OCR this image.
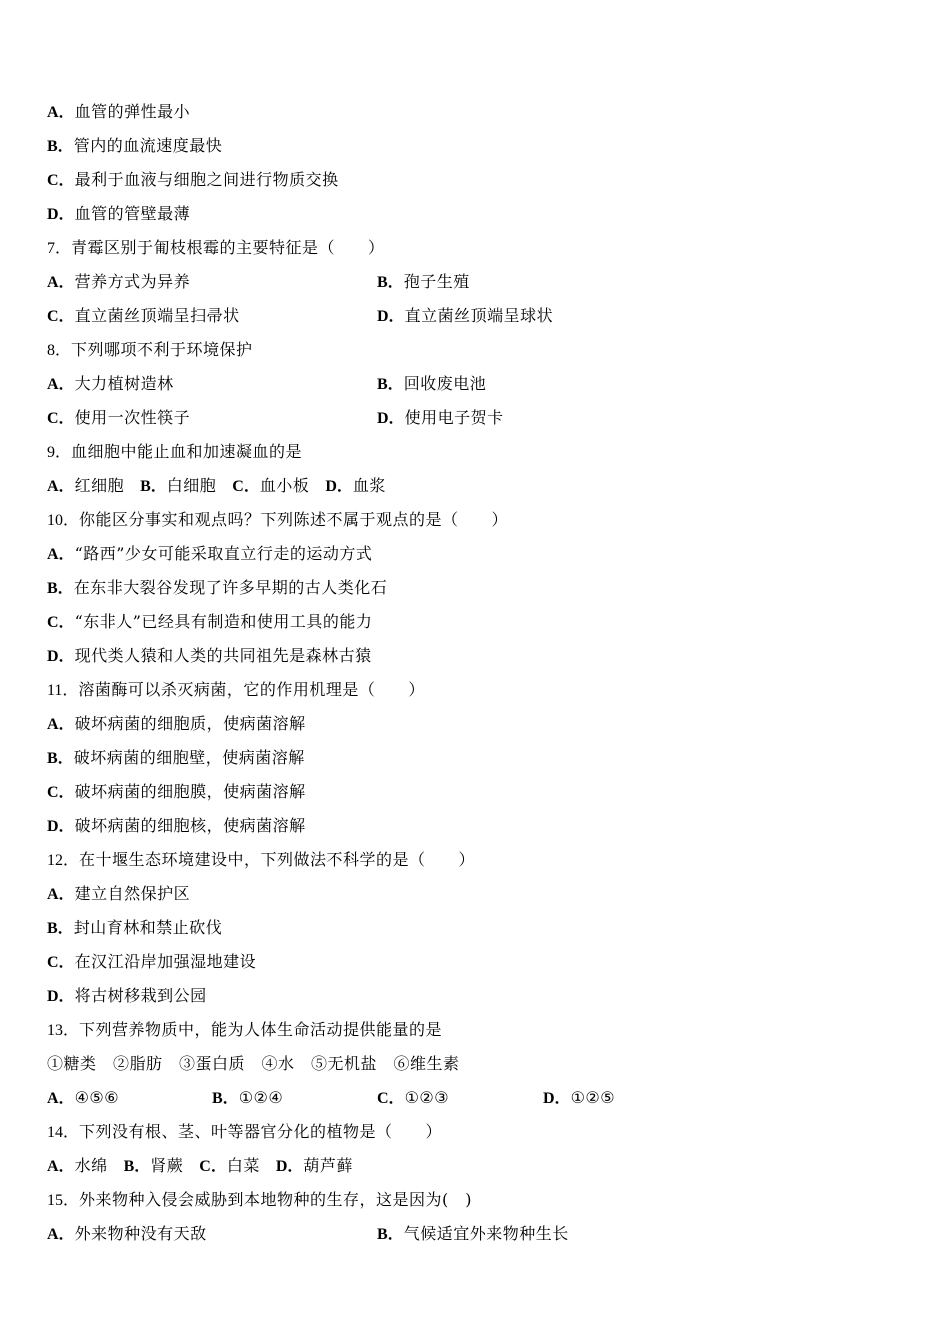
A．血管的弹性最小
B．管内的血流速度最快
C．最利于血液与细胞之间进行物质交换
D．血管的管壁最薄
7．青霉区别于匍枝根霉的主要特征是（　　）
A．营养方式为异养	B．孢子生殖
C．直立菌丝顶端呈扫帚状	D．直立菌丝顶端呈球状
8．下列哪项不利于环境保护
A．大力植树造林	B．回收废电池
C．使用一次性筷子	D．使用电子贺卡
9．血细胞中能止血和加速凝血的是
A．红细胞 B．白细胞 C．血小板 D．血浆
10．你能区分事实和观点吗？下列陈述不属于观点的是（　　）
A．“路西”少女可能采取直立行走的运动方式
B．在东非大裂谷发现了许多早期的古人类化石
C．“东非人”已经具有制造和使用工具的能力
D．现代类人猿和人类的共同祖先是森林古猿
11．溶菌酶可以杀灭病菌，它的作用机理是（　　）
A．破坏病菌的细胞质，使病菌溶解
B．破坏病菌的细胞壁，使病菌溶解
C．破坏病菌的细胞膜，使病菌溶解
D．破坏病菌的细胞核，使病菌溶解
12．在十堰生态环境建设中，下列做法不科学的是（　　）
A．建立自然保护区
B．封山育林和禁止砍伐
C．在汉江沿岸加强湿地建设
D．将古树移栽到公园
13．下列营养物质中，能为人体生命活动提供能量的是
①糖类　②脂肪　③蛋白质　④水　⑤无机盐　⑥维生素
A．④⑤⑥	B．①②④	C．①②③	D．①②⑤
14．下列没有根、茎、叶等器官分化的植物是（　　）
A．水绵 B．肾蕨 C．白菜 D．葫芦藓
15．外来物种入侵会威胁到本地物种的生存，这是因为(　)
A．外来物种没有天敌	B．气候适宜外来物种生长
